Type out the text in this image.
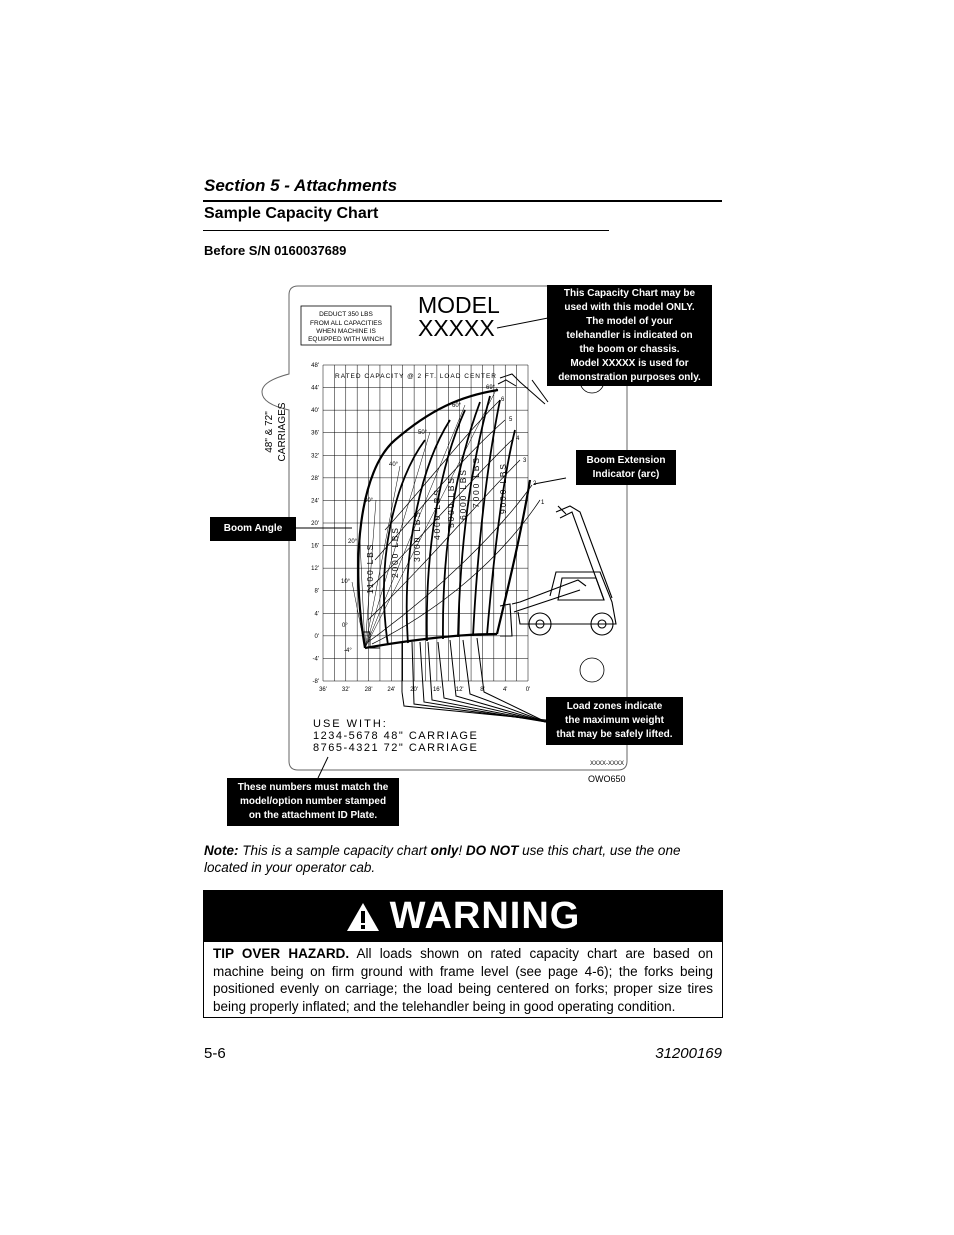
Section 5 - Attachments
Sample Capacity Chart
Before S/N 0160037689
DEDUCT 350 LBS
FROM ALL CAPACITIES
WHEN MACHINE IS
EQUIPPED WITH WINCH
MODEL
XXXXX
48" & 72" CARRIAGES
RATED CAPACITY @ 2 FT. LOAD CENTER
48'
44'
40'
36'
32'
28'
24'
20'
16'
12'
8'
4'
0'
-4'
-8'
36' 32' 28' 24' 20' 16' 12'	8'	4'	0'
-4°
0°
10°
20°
30°
40°
50°
60°
69°
1
2
3
4
5
6
1100 LBS 2000 LBS 3000 LBS 4000 LBS 5000 LBS 6000 LBS 7000 LBS 9000 LBS
USE WITH:
1234-5678 48" CARRIAGE
8765-4321 72" CARRIAGE
XXXX-XXXX
OWO650
This Capacity Chart may be
used with this model ONLY.
The model of your
telehandler is indicated on
the boom or chassis.
Model XXXXX is used for
demonstration purposes only.
Boom Extension
Indicator (arc)
Boom Angle
Load zones indicate
the maximum weight
that may be safely lifted.
These numbers must match the
model/option number stamped
on the attachment ID Plate.
Note: This is a sample capacity chart only! DO NOT use this chart, use the one located in your operator cab.
WARNING
TIP OVER HAZARD. All loads shown on rated capacity chart are based on machine being on firm ground with frame level (see page 4-6); the forks being positioned evenly on carriage; the load being centered on forks; proper size tires being properly inflated; and the telehandler being in good operating condition.
5-6	31200169
